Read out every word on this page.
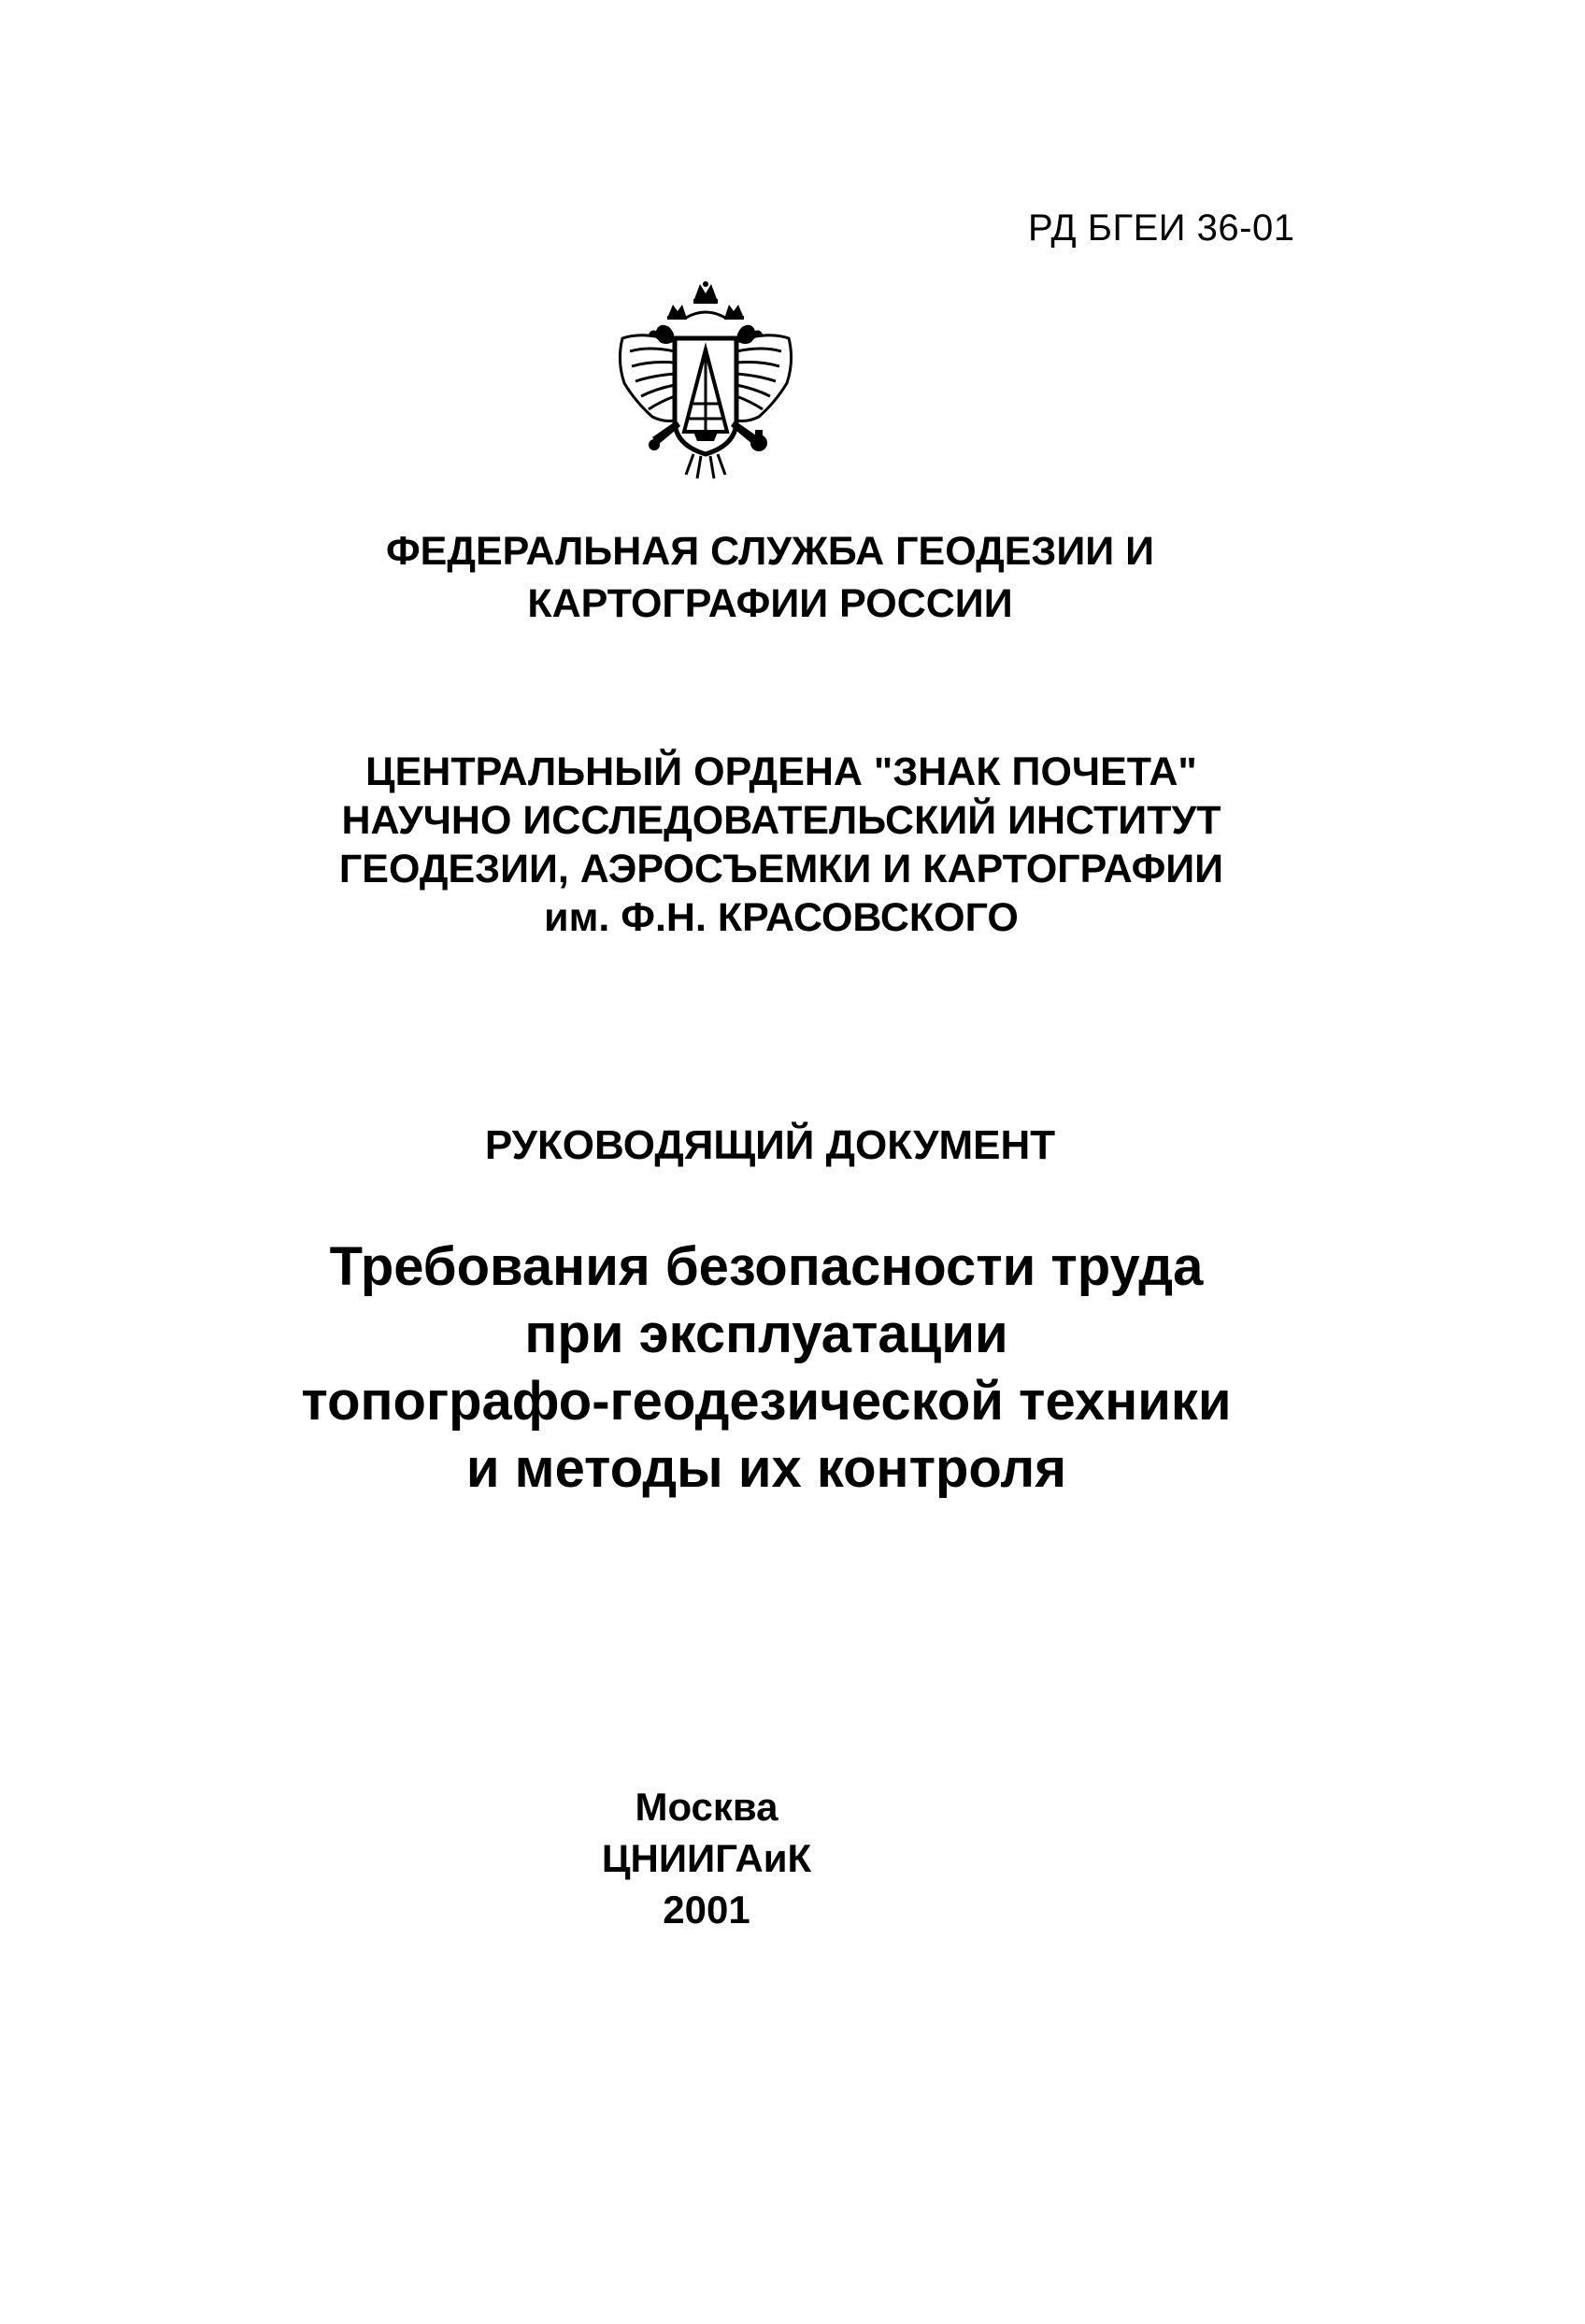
РД БГЕИ 36-01
ФЕДЕРАЛЬНАЯ СЛУЖБА ГЕОДЕЗИИ И
КАРТОГРАФИИ РОССИИ
ЦЕНТРАЛЬНЫЙ ОРДЕНА "ЗНАК ПОЧЕТА"
НАУЧНО ИССЛЕДОВАТЕЛЬСКИЙ ИНСТИТУТ
ГЕОДЕЗИИ, АЭРОСЪЕМКИ И КАРТОГРАФИИ
им. Ф.Н. КРАСОВСКОГО
РУКОВОДЯЩИЙ ДОКУМЕНТ
Требования безопасности труда
при эксплуатации
топографо-геодезической техники
и методы их контроля
Москва
ЦНИИГАиК
2001
